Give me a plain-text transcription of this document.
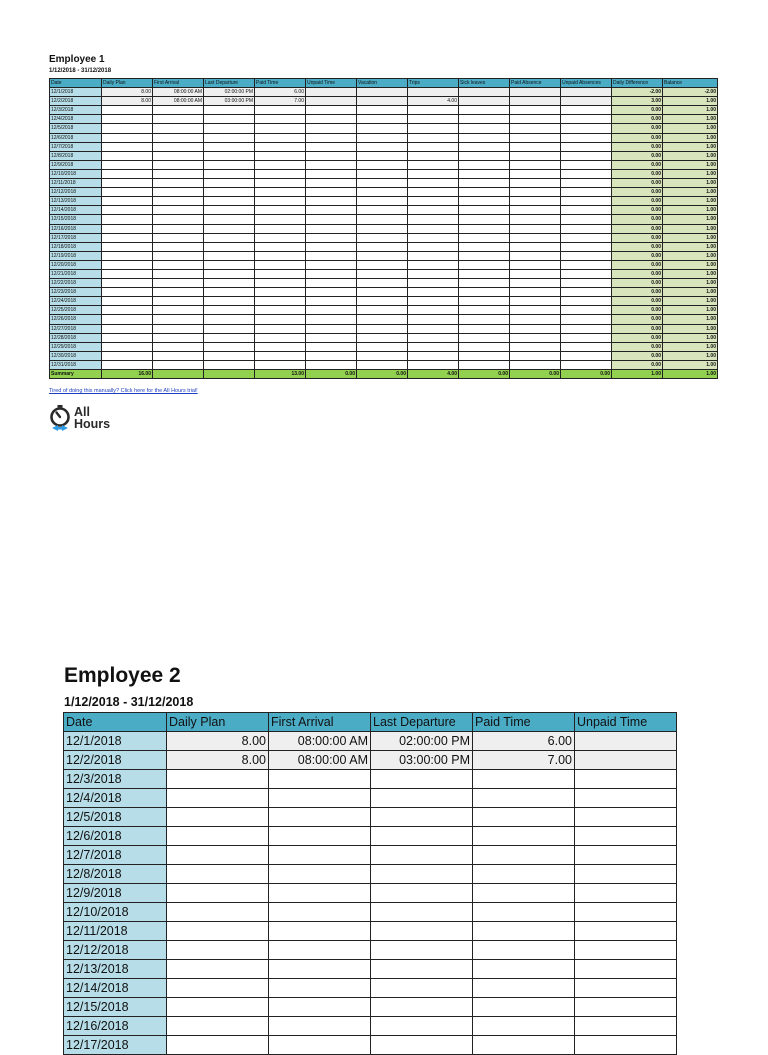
Employee 1
1/12/2018 - 31/12/2018
Date	Daily Plan	First Arrival	Last Departure	Paid Time	Unpaid Time	Vacation	Trips	Sick leaves	Paid Absence	Unpaid Absences	Daily Difference	Balance
12/1/2018	8.00	08:00:00 AM	02:00:00 PM	6.00							-2.00	-2.00
12/2/2018	8.00	08:00:00 AM	03:00:00 PM	7.00			4.00				3.00	1.00
12/3/2018											0.00	1.00
12/4/2018											0.00	1.00
12/5/2018											0.00	1.00
12/6/2018											0.00	1.00
12/7/2018											0.00	1.00
12/8/2018											0.00	1.00
12/9/2018											0.00	1.00
12/10/2018											0.00	1.00
12/11/2018											0.00	1.00
12/12/2018											0.00	1.00
12/13/2018											0.00	1.00
12/14/2018											0.00	1.00
12/15/2018											0.00	1.00
12/16/2018											0.00	1.00
12/17/2018											0.00	1.00
12/18/2018											0.00	1.00
12/19/2018											0.00	1.00
12/20/2018											0.00	1.00
12/21/2018											0.00	1.00
12/22/2018											0.00	1.00
12/23/2018											0.00	1.00
12/24/2018											0.00	1.00
12/25/2018											0.00	1.00
12/26/2018											0.00	1.00
12/27/2018											0.00	1.00
12/28/2018											0.00	1.00
12/29/2018											0.00	1.00
12/30/2018											0.00	1.00
12/31/2018											0.00	1.00
Summary	16.00			13.00	0.00	0.00	4.00	0.00	0.00	0.00	1.00	1.00
Tired of doing this manually? Click here for the All Hours trial!
All
Hours
Employee 2
1/12/2018 - 31/12/2018
Date	Daily Plan	First Arrival	Last Departure	Paid Time	Unpaid Time
12/1/2018	8.00	08:00:00 AM	02:00:00 PM	6.00	
12/2/2018	8.00	08:00:00 AM	03:00:00 PM	7.00	
12/3/2018					
12/4/2018					
12/5/2018					
12/6/2018					
12/7/2018					
12/8/2018					
12/9/2018					
12/10/2018					
12/11/2018					
12/12/2018					
12/13/2018					
12/14/2018					
12/15/2018					
12/16/2018					
12/17/2018					
